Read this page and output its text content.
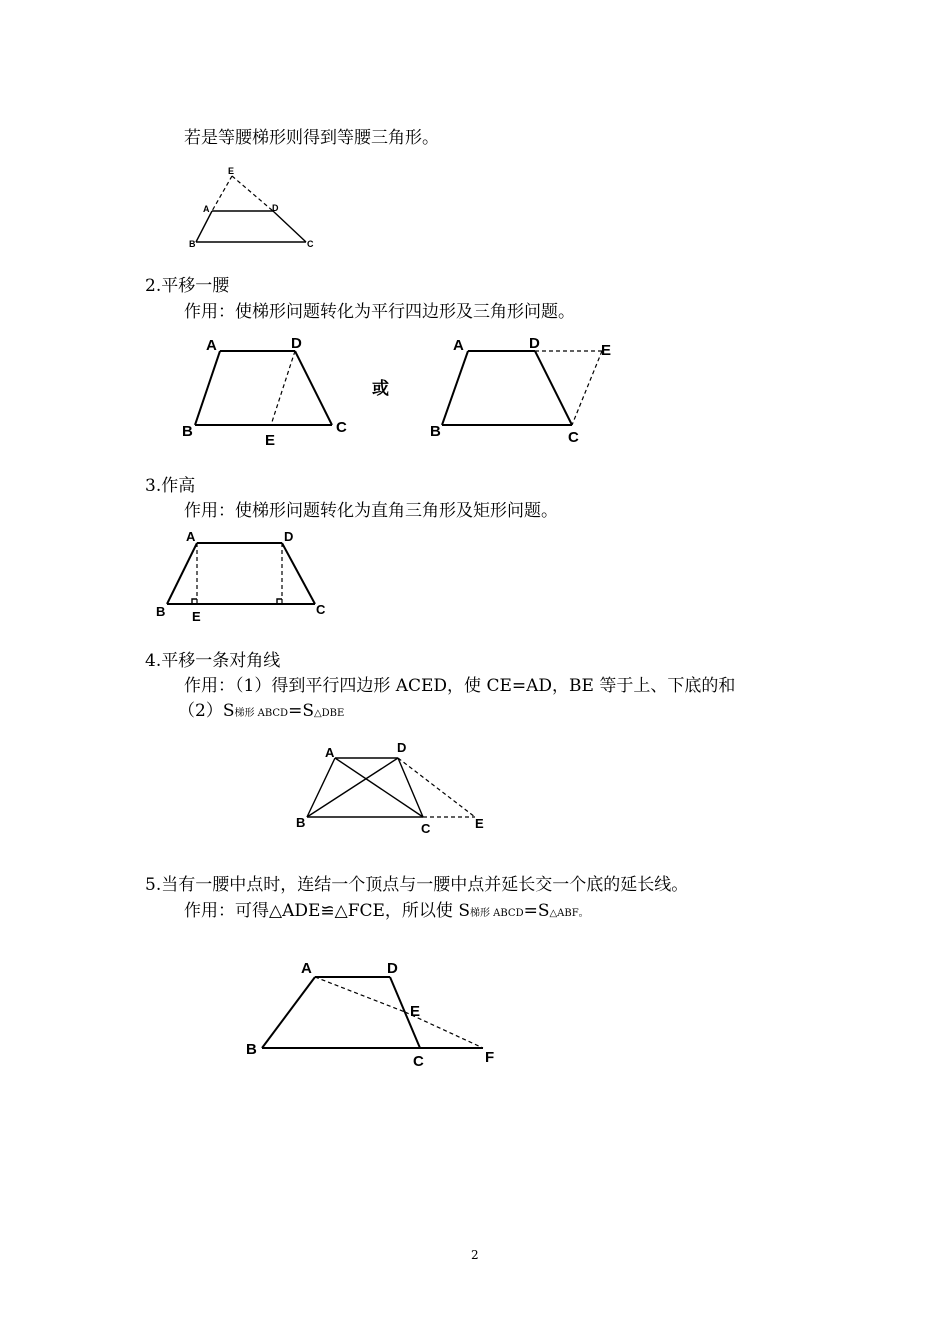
若是等腰梯形则得到等腰三角形。
E
A	D
B	C
2.平移一腰
作用：使梯形问题转化为平行四边形及三角形问题。
A	D
B
E
C
或
A	D	E
B	C
3.作高
作用：使梯形问题转化为直角三角形及矩形问题。
A	D
B E	C
4.平移一条对角线
作用：（1）得到平行四边形 ACED，使 CE=AD，BE 等于上、下底的和
（2）S梯形 ABCD=S△DBE
A	D
B	C	E
5.当有一腰中点时，连结一个顶点与一腰中点并延长交一个底的延长线。
作用：可得△ADE≌△FCE，所以使 S梯形 ABCD=S△ABF。
A	D
E
B
C	F
2
